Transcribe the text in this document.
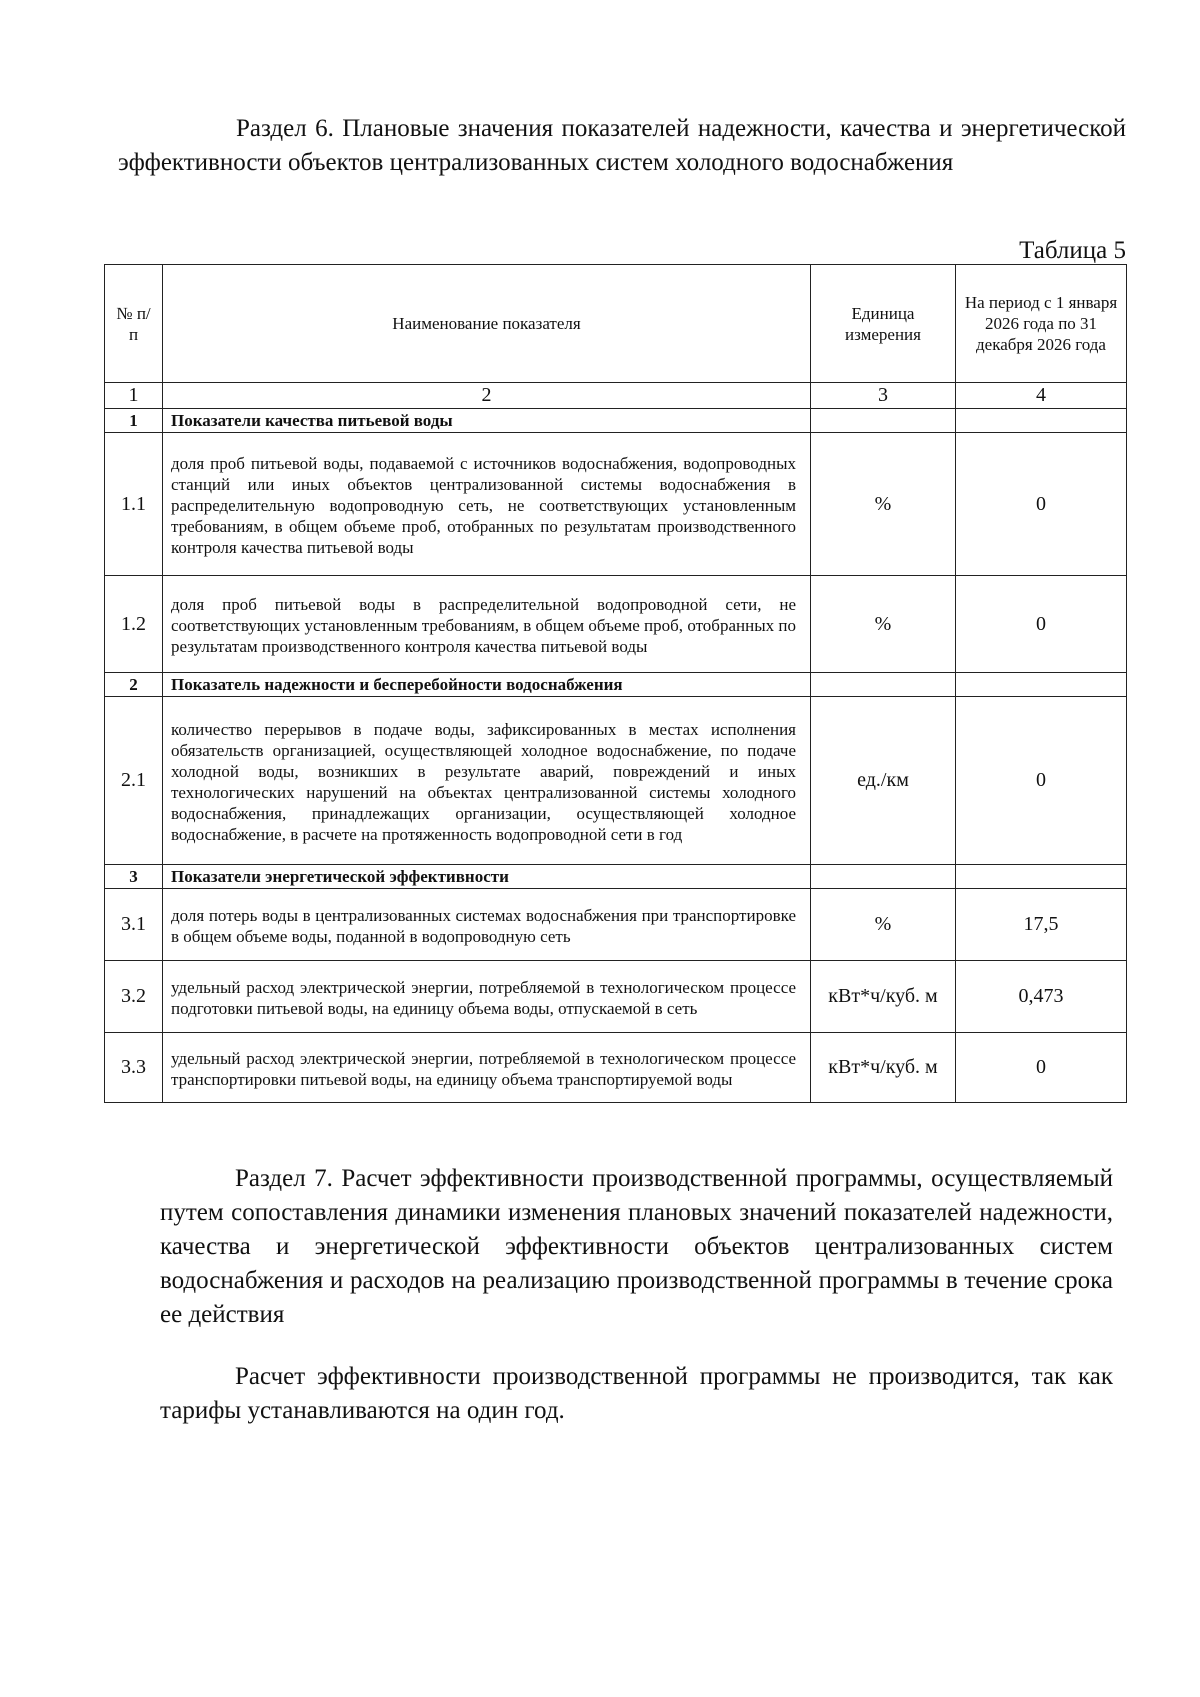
Раздел 6. Плановые значения показателей надежности, качества и энергетической эффективности объектов централизованных систем холодного водоснабжения
Таблица 5
№ п/п	Наименование показателя	Единица измерения	На период с 1 января 2026 года по 31 декабря 2026 года
1	2	3	4
1	Показатели качества питьевой воды		
1.1	доля проб питьевой воды, подаваемой с источников водоснабжения, водопроводных станций или иных объектов централизованной системы водоснабжения в распределительную водопроводную сеть, не соответствующих установленным требованиям, в общем объеме проб, отобранных по результатам производственного контроля качества питьевой воды	%	0
1.2	доля проб питьевой воды в распределительной водопроводной сети, не соответствующих установленным требованиям, в общем объеме проб, отобранных по результатам производственного контроля качества питьевой воды	%	0
2	Показатель надежности и бесперебойности водоснабжения		
2.1	количество перерывов в подаче воды, зафиксированных в местах исполнения обязательств организацией, осуществляющей холодное водоснабжение, по подаче холодной воды, возникших в результате аварий, повреждений и иных технологических нарушений на объектах централизованной системы холодного водоснабжения, принадлежащих организации, осуществляющей холодное водоснабжение, в расчете на протяженность водопроводной сети в год	ед./км	0
3	Показатели энергетической эффективности		
3.1	доля потерь воды в централизованных системах водоснабжения при транспортировке в общем объеме воды, поданной в водопроводную сеть	%	17,5
3.2	удельный расход электрической энергии, потребляемой в технологическом процессе подготовки питьевой воды, на единицу объема воды, отпускаемой в сеть	кВт*ч/куб. м	0,473
3.3	удельный расход электрической энергии, потребляемой в технологическом процессе транспортировки питьевой воды, на единицу объема транспортируемой воды	кВт*ч/куб. м	0
Раздел 7. Расчет эффективности производственной программы, осуществляемый путем сопоставления динамики изменения плановых значений показателей надежности, качества и энергетической эффективности объектов централизованных систем водоснабжения и расходов на реализацию производственной программы в течение срока ее действия
Расчет эффективности производственной программы не производится, так как тарифы устанавливаются на один год.
